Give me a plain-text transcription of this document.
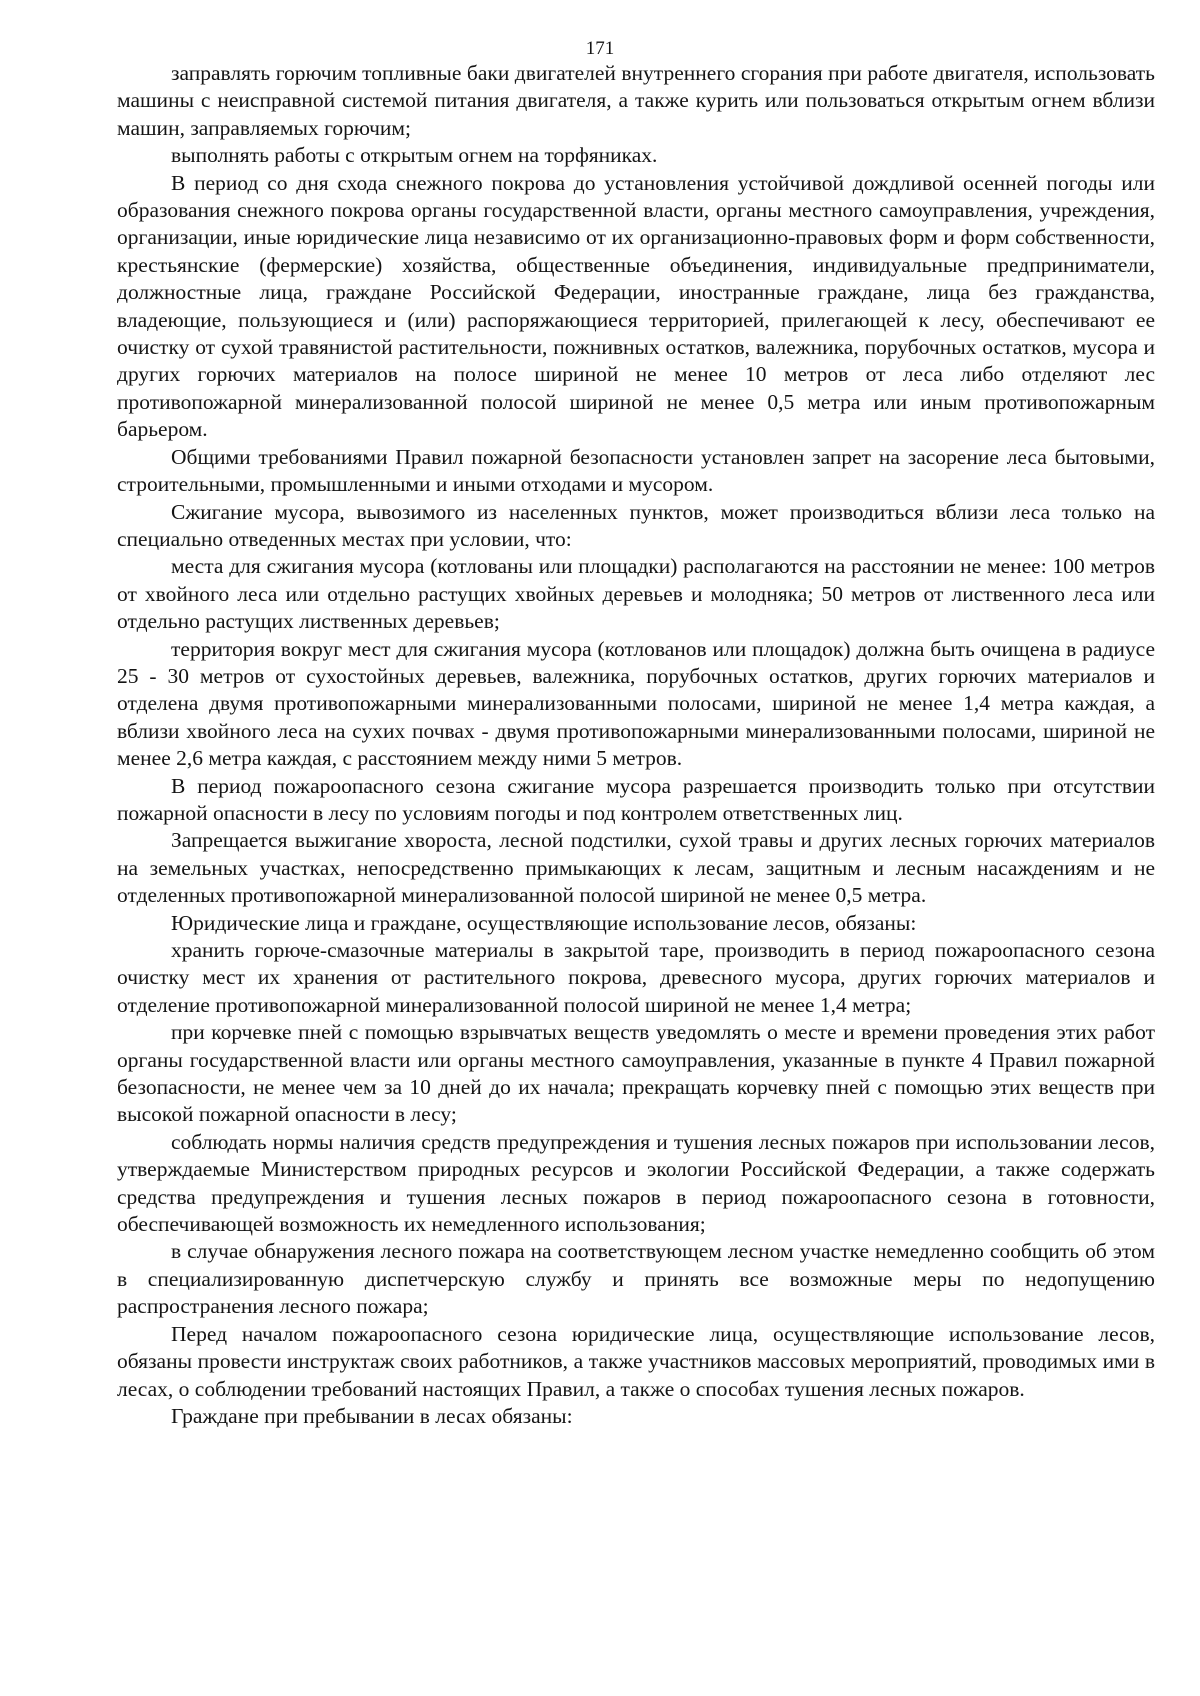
171

заправлять горючим топливные баки двигателей внутреннего сгорания при работе двигателя, использовать машины с неисправной системой питания двигателя, а также курить или пользоваться открытым огнем вблизи машин, заправляемых горючим;

выполнять работы с открытым огнем на торфяниках.

В период со дня схода снежного покрова до установления устойчивой дождливой осенней погоды или образования снежного покрова органы государственной власти, органы местного самоуправления, учреждения, организации, иные юридические лица независимо от их организационно-правовых форм и форм собственности, крестьянские (фермерские) хозяйства, общественные объединения, индивидуальные предприниматели, должностные лица, граждане Российской Федерации, иностранные граждане, лица без гражданства, владеющие, пользующиеся и (или) распоряжающиеся территорией, прилегающей к лесу, обеспечивают ее очистку от сухой травянистой растительности, пожнивных остатков, валежника, порубочных остатков, мусора и других горючих материалов на полосе шириной не менее 10 метров от леса либо отделяют лес противопожарной минерализованной полосой шириной не менее 0,5 метра или иным противопожарным барьером.

Общими требованиями Правил пожарной безопасности установлен запрет на засорение леса бытовыми, строительными, промышленными и иными отходами и мусором.

Сжигание мусора, вывозимого из населенных пунктов, может производиться вблизи леса только на специально отведенных местах при условии, что:

места для сжигания мусора (котлованы или площадки) располагаются на расстоянии не менее: 100 метров от хвойного леса или отдельно растущих хвойных деревьев и молодняка; 50 метров от лиственного леса или отдельно растущих лиственных деревьев;

территория вокруг мест для сжигания мусора (котлованов или площадок) должна быть очищена в радиусе 25 - 30 метров от сухостойных деревьев, валежника, порубочных остатков, других горючих материалов и отделена двумя противопожарными минерализованными полосами, шириной не менее 1,4 метра каждая, а вблизи хвойного леса на сухих почвах - двумя противопожарными минерализованными полосами, шириной не менее 2,6 метра каждая, с расстоянием между ними 5 метров.

В период пожароопасного сезона сжигание мусора разрешается производить только при отсутствии пожарной опасности в лесу по условиям погоды и под контролем ответственных лиц.

Запрещается выжигание хвороста, лесной подстилки, сухой травы и других лесных горючих материалов на земельных участках, непосредственно примыкающих к лесам, защитным и лесным насаждениям и не отделенных противопожарной минерализованной полосой шириной не менее 0,5 метра.

Юридические лица и граждане, осуществляющие использование лесов, обязаны:

хранить горюче-смазочные материалы в закрытой таре, производить в период пожароопасного сезона очистку мест их хранения от растительного покрова, древесного мусора, других горючих материалов и отделение противопожарной минерализованной полосой шириной не менее 1,4 метра;

при корчевке пней с помощью взрывчатых веществ уведомлять о месте и времени проведения этих работ органы государственной власти или органы местного самоуправления, указанные в пункте 4 Правил пожарной безопасности, не менее чем за 10 дней до их начала; прекращать корчевку пней с помощью этих веществ при высокой пожарной опасности в лесу;

соблюдать нормы наличия средств предупреждения и тушения лесных пожаров при использовании лесов, утверждаемые Министерством природных ресурсов и экологии Российской Федерации, а также содержать средства предупреждения и тушения лесных пожаров в период пожароопасного сезона в готовности, обеспечивающей возможность их немедленного использования;

в случае обнаружения лесного пожара на соответствующем лесном участке немедленно сообщить об этом в специализированную диспетчерскую службу и принять все возможные меры по недопущению распространения лесного пожара;

Перед началом пожароопасного сезона юридические лица, осуществляющие использование лесов, обязаны провести инструктаж своих работников, а также участников массовых мероприятий, проводимых ими в лесах, о соблюдении требований настоящих Правил, а также о способах тушения лесных пожаров.

Граждане при пребывании в лесах обязаны:
